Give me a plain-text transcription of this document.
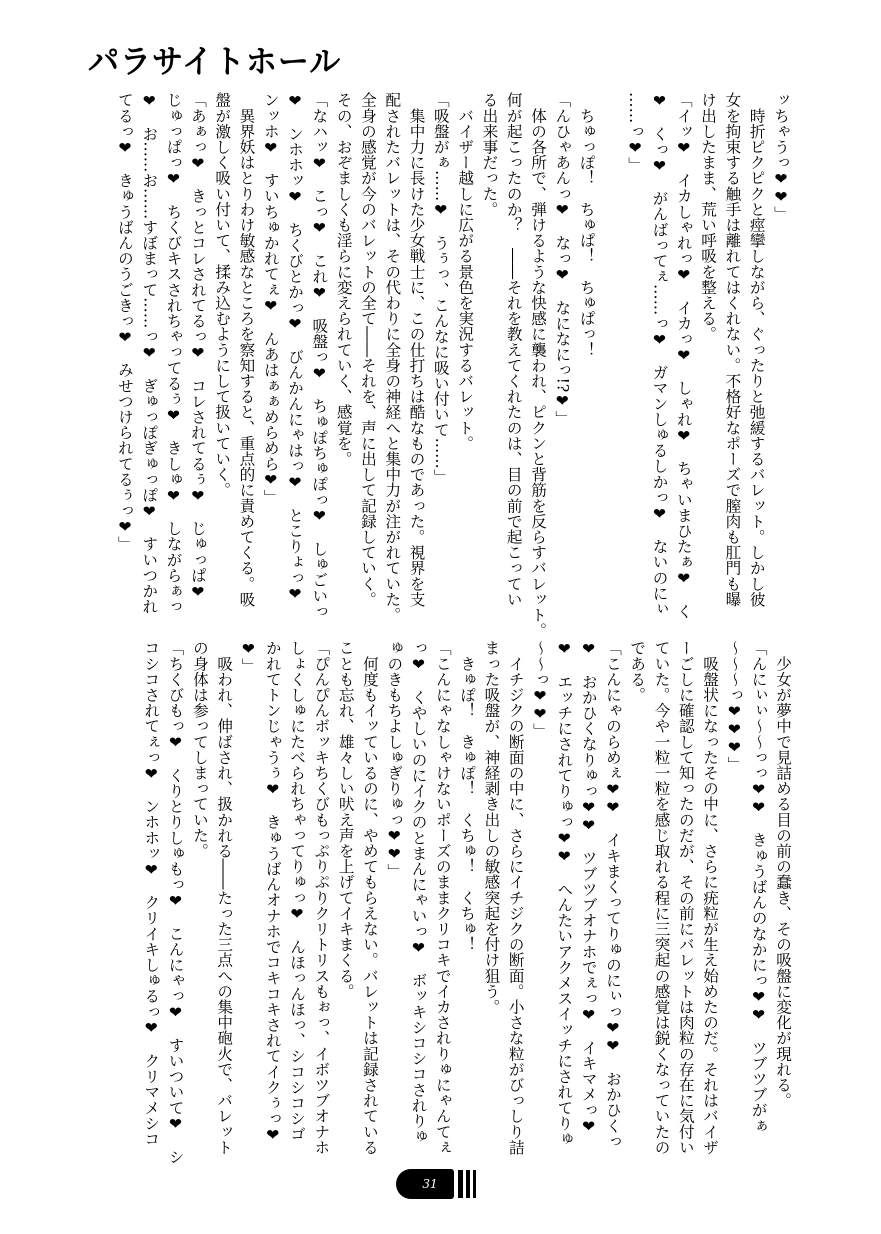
パラサイトホール
ッちゃうっ❤❤」
　時折ピクピクと痙攣しながら、ぐったりと弛緩するバレット。しかし彼
女を拘束する触手は離れてはくれない。不格好なポーズで膣肉も肛門も曝
け出したまま、荒い呼吸を整える。
「イッ❤　イカしゃれっ❤　イカっ❤　しゃれ❤　ちゃいまひたぁ❤　く
❤　くっ❤　がんばってぇ……っ❤　ガマンしゅるしかっ❤　ないのにぃ
……っ❤」

　ちゅっぽ！　ちゅぱ！　ちゅぱっ！
「んひゃあんっ❤　なっ❤　なになにっ!?❤」
　体の各所で、弾けるような快感に襲われ、ピクンと背筋を反らすバレット。
何が起こったのか？　――それを教えてくれたのは、目の前で起こってい
る出来事だった。
　バイザー越しに広がる景色を実況するバレット。
「吸盤がぁ……❤　うぅっ、こんなに吸い付いて……」
　集中力に長けた少女戦士に、この仕打ちは酷なものであった。視界を支
配されたバレットは、その代わりに全身の神経へと集中力が注がれていた。
全身の感覚が今のバレットの全て――それを、声に出して記録していく。
その、おぞましくも淫らに変えられていく、感覚を。
「なハッ❤　こっ❤　これ❤　吸盤っ❤　ちゅぽちゅぽっ❤　しゅごいっ
❤　ンホホッ❤　ちくびとかっ❤　びんかんにゃはっ❤　とこりょっ❤
ンッホ❤　すいちゅかれてぇ❤　んあはぁぁめらめら❤」
　異界妖はとりわけ敏感なところを察知すると、重点的に責めてくる。吸
盤が激しく吸い付いて、揉み込むようにして扱いていく。
「あぁっ❤　きっとコレされてるっ❤　コレされてるぅ❤　じゅっぱ❤
じゅっぱっ❤　ちくびキスされちゃってるぅ❤　きしゅ❤　しながらぁっ
❤　お……お……すぼまって……っ❤　ぎゅっぽぎゅっぽ❤　すいつかれ
てるっ❤　きゅうばんのうごきっ❤　みせつけられてるぅっ❤」
　少女が夢中で見詰める目の前の蠢き、その吸盤に変化が現れる。
「んにぃぃ～～っっ❤❤　きゅうばんのなかにっ❤❤　ツブツブがぁ
～～～っ❤❤❤」
　吸盤状になったその中に、さらに疣粒が生え始めたのだ。それはバイザ
ーごしに確認して知ったのだが、その前にバレットは肉粒の存在に気付い
ていた。今や一粒一粒を感じ取れる程に三突起の感覚は鋭くなっていたの
である。
「こんにゃのらめぇ❤❤　イキまくってりゅのにぃっ❤❤　おかひくっ
❤　おかひくなりゅっ❤❤　ツブツブオナホでぇっ❤　イキマメっ❤
❤　エッチにされてりゅっ❤❤　へんたいアクメスイッチにされてりゅ
～～っ❤❤」
　イチジクの断面の中に、さらにイチジクの断面。小さな粒がびっしり詰
まった吸盤が、神経剥き出しの敏感突起を付け狙う。
　きゅぽ！　きゅぽ！　くちゅ！　くちゅ！
「こんにゃなしゃけないポーズのままクリコキでイカされりゅにゃんてぇ
っ❤　くやしいのにイクのとまんにゃいっ❤　ボッキシコシコされりゅ
ゅのきもちよしゅぎりゅっ❤❤」
　何度もイッているのに、やめてもらえない。バレットは記録されている
ことも忘れ、雄々しい吠え声を上げてイキまくる。
「ぴんぴんボッキちくびもっぷりぷりクリトリスもぉっ、イボツブオナホ
しょくしゅにたべられちゃってりゅっ❤　んほっんほっ、シコシコシゴ
かれてトンじゃうぅ❤　きゅうばんオナホでコキコキされてイクぅっ❤
❤」
　吸われ、伸ばされ、扱かれる――たった三点への集中砲火で、バレット
の身体は参ってしまっていた。
「ちくびもっ❤　くりとりしゅもっ❤　こんにゃっ❤　すいついて❤　シ
コシコされてぇっ❤　ンホホッ❤　クリイキしゅるっ❤　クリマメシコ
31
